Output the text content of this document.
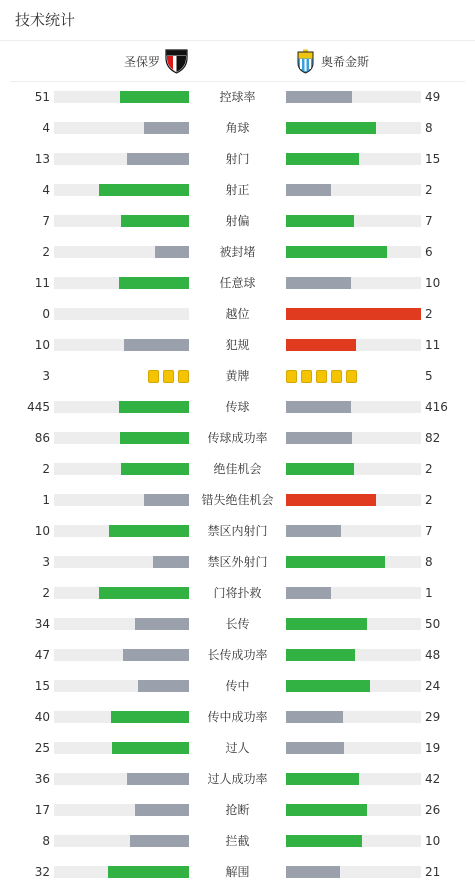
技术统计
圣保罗	奥希金斯
51	控球率	49
4	角球	8
13	射门	15
4	射正	2
7	射偏	7
2	被封堵	6
11	任意球	10
0	越位	2
10	犯规	11
3	黄牌	5
445	传球	416
86	传球成功率	82
2	绝佳机会	2
1	错失绝佳机会	2
10	禁区内射门	7
3	禁区外射门	8
2	门将扑救	1
34	长传	50
47	长传成功率	48
15	传中	24
40	传中成功率	29
25	过人	19
36	过人成功率	42
17	抢断	26
8	拦截	10
32	解围	21
